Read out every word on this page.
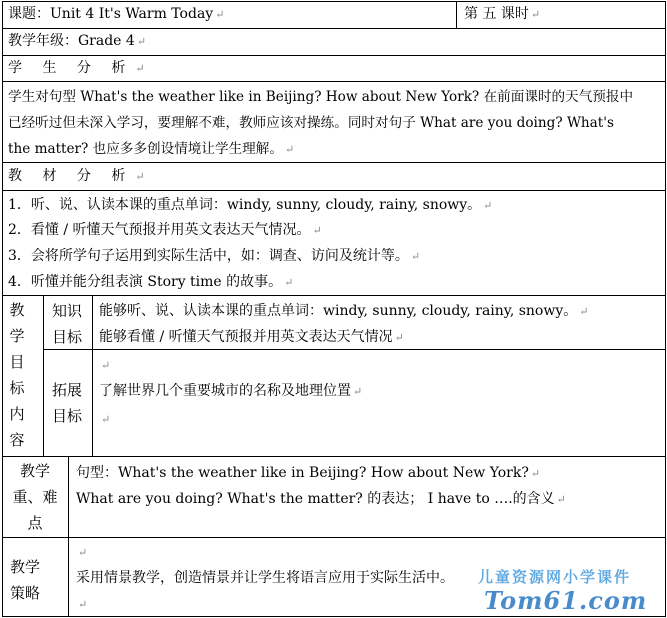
课题：Unit 4 It's Warm Today ↵	第 五 课时 ↵
教学年级：Grade 4 ↵
学 生 分 析 ↵
学生对句型 What's the weather like in Beijing? How about New York? 在前面课时的天气预报中
已经听过但未深入学习，要理解不难，教师应该对操练。同时对句子 What are you doing? What's
the matter? 也应多多创设情境让学生理解。 ↵
教 材 分 析 ↵
1．听、说、认读本课的重点单词：windy, sunny, cloudy, rainy, snowy。 ↵
2．看懂 / 听懂天气预报并用英文表达天气情况。 ↵
3．会将所学句子运用到实际生活中，如：调查、访问及统计等。 ↵
4．听懂并能分组表演 Story time 的故事。 ↵
教学目标内容
知识目标
能够听、说、认读本课的重点单词：windy, sunny, cloudy, rainy, snowy。 ↵
能够看懂 / 听懂天气预报并用英文表达天气情况 ↵
拓展目标
↵
了解世界几个重要城市的名称及地理位置 ↵
↵
教学重、难点
句型：What's the weather like in Beijing? How about New York? ↵
What are you doing? What's the matter? 的表达； I have to ….的含义 ↵
教学策略
↵
采用情景教学，创造情景并让学生将语言应用于实际生活中。
↵
儿童资源网小学课件
Tom61.com
